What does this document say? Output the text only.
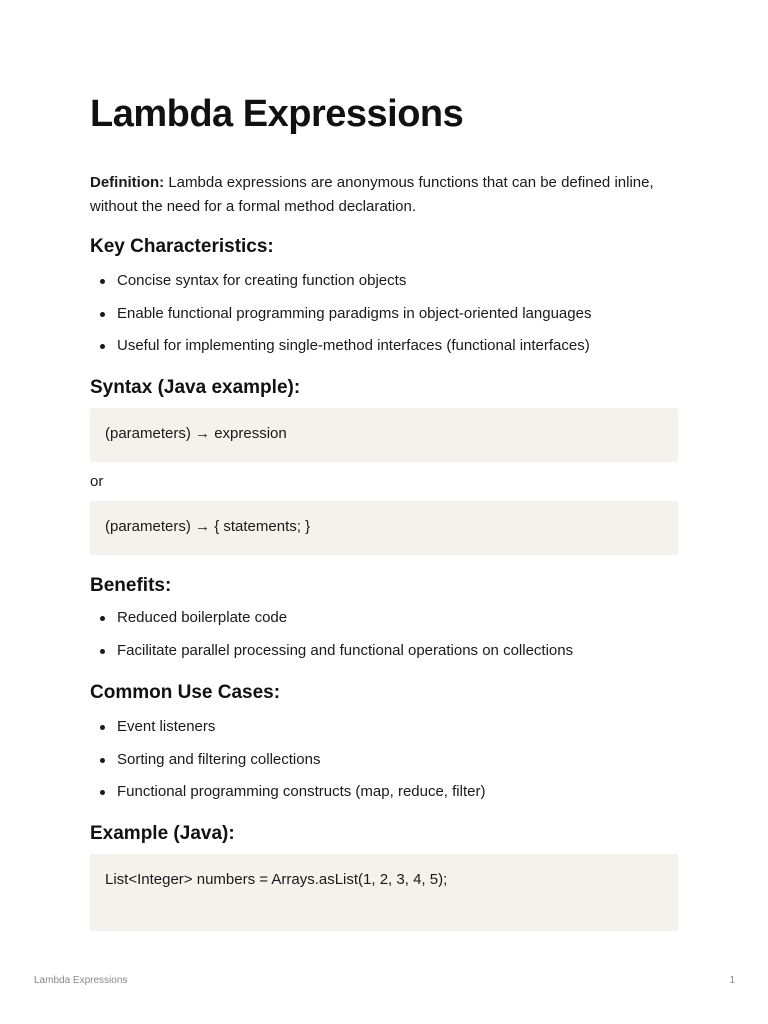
Lambda Expressions

Definition: Lambda expressions are anonymous functions that can be defined inline, without the need for a formal method declaration.

Key Characteristics:
Concise syntax for creating function objects
Enable functional programming paradigms in object-oriented languages
Useful for implementing single-method interfaces (functional interfaces)
Syntax (Java example):
(parameters) → expression
or
(parameters) → { statements; }
Benefits:
Reduced boilerplate code
Facilitate parallel processing and functional operations on collections
Common Use Cases:
Event listeners
Sorting and filtering collections
Functional programming constructs (map, reduce, filter)
Example (Java):
List<Integer> numbers = Arrays.asList(1, 2, 3, 4, 5);
Lambda Expressions	1
